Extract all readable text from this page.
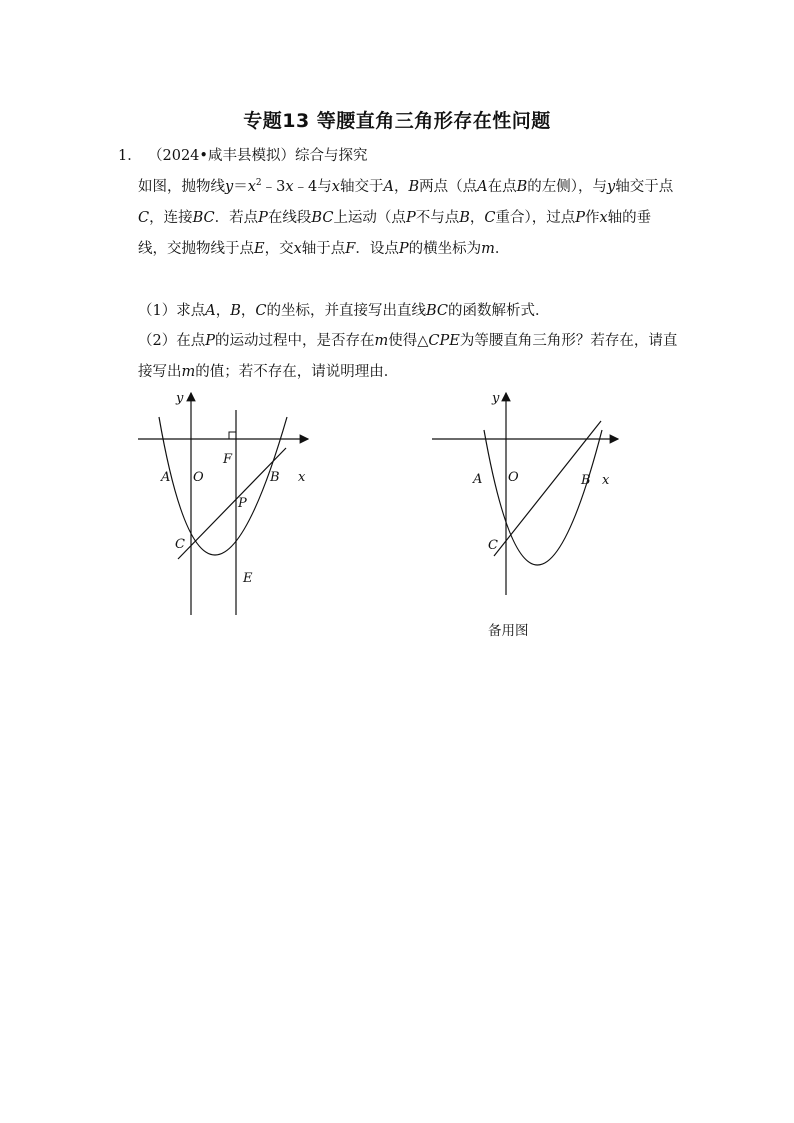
专题13 等腰直角三角形存在性问题
1． （2024•咸丰县模拟）综合与探究
如图，抛物线$y=x^2﹣3x﹣4$与x轴交于A，B两点（点A在点B的左侧），与y轴交于点C，连接BC．若点P在线段BC上运动（点P不与点B，C重合），过点P作x轴的垂线，交抛物线于点E，交x轴于点F．设点P的横坐标为m．
（1）求点A，B，C的坐标，并直接写出直线BC的函数解析式．
（2）在点P的运动过程中，是否存在m使得△CPE为等腰直角三角形？若存在，请直接写出m的值；若不存在，请说明理由．
y
x
A O	B
F
P
C
E
y
x
A O	B
C
备用图
